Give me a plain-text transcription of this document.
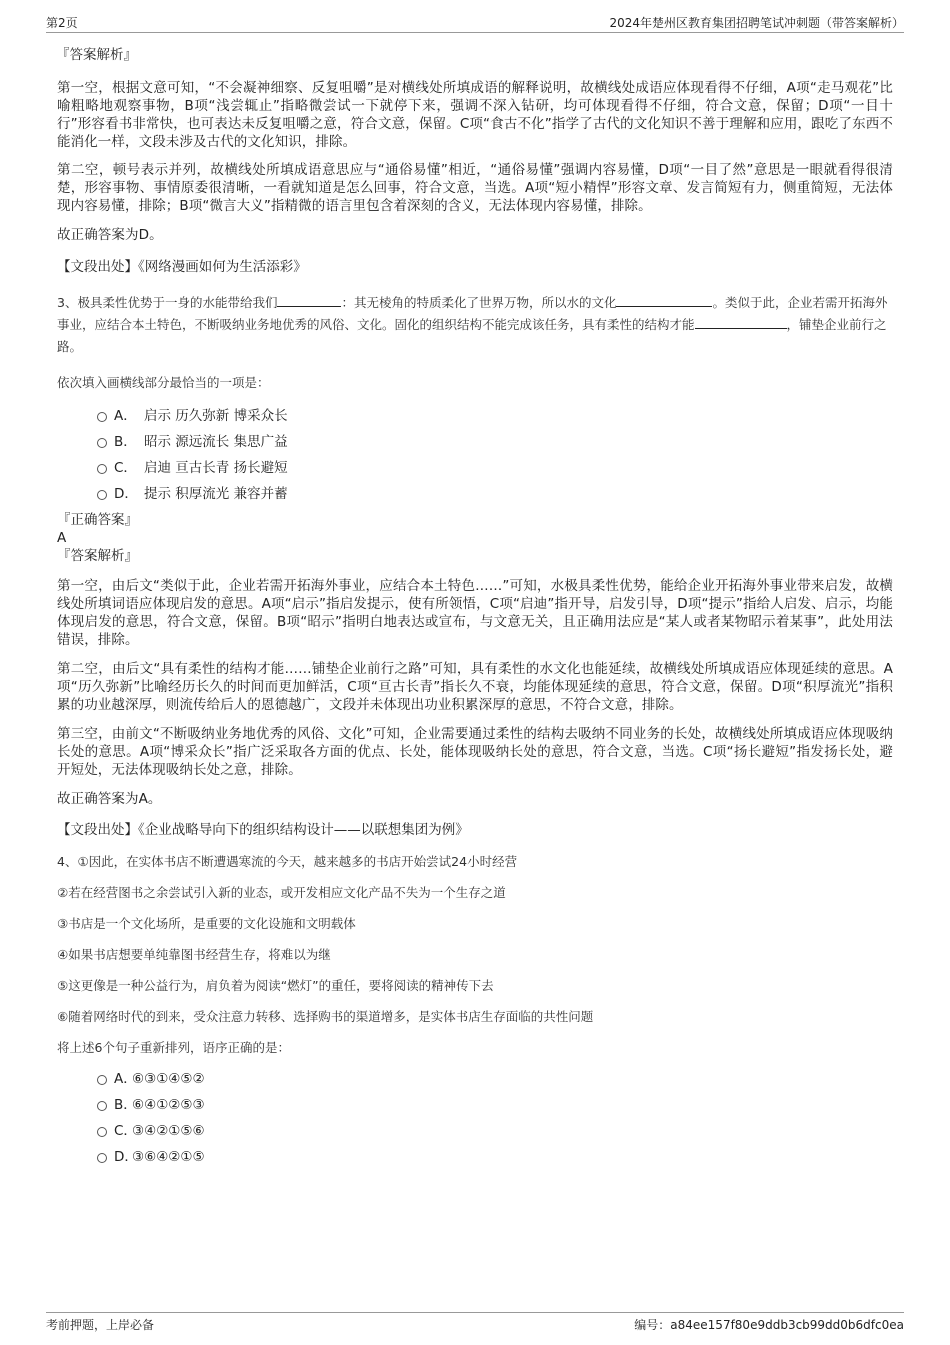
第2页	2024年楚州区教育集团招聘笔试冲刺题（带答案解析）

『答案解析』

第一空，根据文意可知，“不会凝神细察、反复咀嚼”是对横线处所填成语的解释说明，故横线处成语应体现看得不仔细，A项“走马观花”比喻粗略地观察事物，B项“浅尝辄止”指略微尝试一下就停下来，强调不深入钻研，均可体现看得不仔细，符合文意，保留；D项“一目十行”形容看书非常快，也可表达未反复咀嚼之意，符合文意，保留。C项“食古不化”指学了古代的文化知识不善于理解和应用，跟吃了东西不能消化一样，文段未涉及古代的文化知识，排除。

第二空，顿号表示并列，故横线处所填成语意思应与“通俗易懂”相近，“通俗易懂”强调内容易懂，D项“一目了然”意思是一眼就看得很清楚，形容事物、事情原委很清晰，一看就知道是怎么回事，符合文意，当选。A项“短小精悍”形容文章、发言简短有力，侧重简短，无法体现内容易懂，排除；B项“微言大义”指精微的语言里包含着深刻的含义，无法体现内容易懂，排除。

故正确答案为D。

【文段出处】《网络漫画如何为生活添彩》

3、极具柔性优势于一身的水能带给我们	：其无棱角的特质柔化了世界万物，所以水的文化	。类似于此，企业若需开拓海外事业，应结合本土特色，不断吸纳业务地优秀的风俗、文化。固化的组织结构不能完成该任务，具有柔性的结构才能	，铺垫企业前行之路。

依次填入画横线部分最恰当的一项是：

A． 启示 历久弥新 博采众长
B． 昭示 源远流长 集思广益
C． 启迪 亘古长青 扬长避短
D． 提示 积厚流光 兼容并蓄

『正确答案』

A

『答案解析』

第一空，由后文“类似于此，企业若需开拓海外事业，应结合本土特色……”可知，水极具柔性优势，能给企业开拓海外事业带来启发，故横线处所填词语应体现启发的意思。A项“启示”指启发提示，使有所领悟，C项“启迪”指开导，启发引导，D项“提示”指给人启发、启示，均能体现启发的意思，符合文意，保留。B项“昭示”指明白地表达或宣布，与文意无关，且正确用法应是“某人或者某物昭示着某事”，此处用法错误，排除。

第二空，由后文“具有柔性的结构才能……铺垫企业前行之路”可知，具有柔性的水文化也能延续，故横线处所填成语应体现延续的意思。A项“历久弥新”比喻经历长久的时间而更加鲜活，C项“亘古长青”指长久不衰，均能体现延续的意思，符合文意，保留。D项“积厚流光”指积累的功业越深厚，则流传给后人的恩德越广，文段并未体现出功业积累深厚的意思，不符合文意，排除。

第三空，由前文“不断吸纳业务地优秀的风俗、文化”可知，企业需要通过柔性的结构去吸纳不同业务的长处，故横线处所填成语应体现吸纳长处的意思。A项“博采众长”指广泛采取各方面的优点、长处，能体现吸纳长处的意思，符合文意，当选。C项“扬长避短”指发扬长处，避开短处，无法体现吸纳长处之意，排除。

故正确答案为A。

【文段出处】《企业战略导向下的组织结构设计——以联想集团为例》

4、①因此，在实体书店不断遭遇寒流的今天，越来越多的书店开始尝试24小时经营

②若在经营图书之余尝试引入新的业态，或开发相应文化产品不失为一个生存之道

③书店是一个文化场所，是重要的文化设施和文明载体

④如果书店想要单纯靠图书经营生存，将难以为继

⑤这更像是一种公益行为，肩负着为阅读“燃灯”的重任，要将阅读的精神传下去

⑥随着网络时代的到来，受众注意力转移、选择购书的渠道增多，是实体书店生存面临的共性问题

将上述6个句子重新排列，语序正确的是：

A．⑥③①④⑤②
B．⑥④①②⑤③
C．③④②①⑤⑥
D．③⑥④②①⑤
考前押题，上岸必备	编号：a84ee157f80e9ddb3cb99dd0b6dfc0ea
